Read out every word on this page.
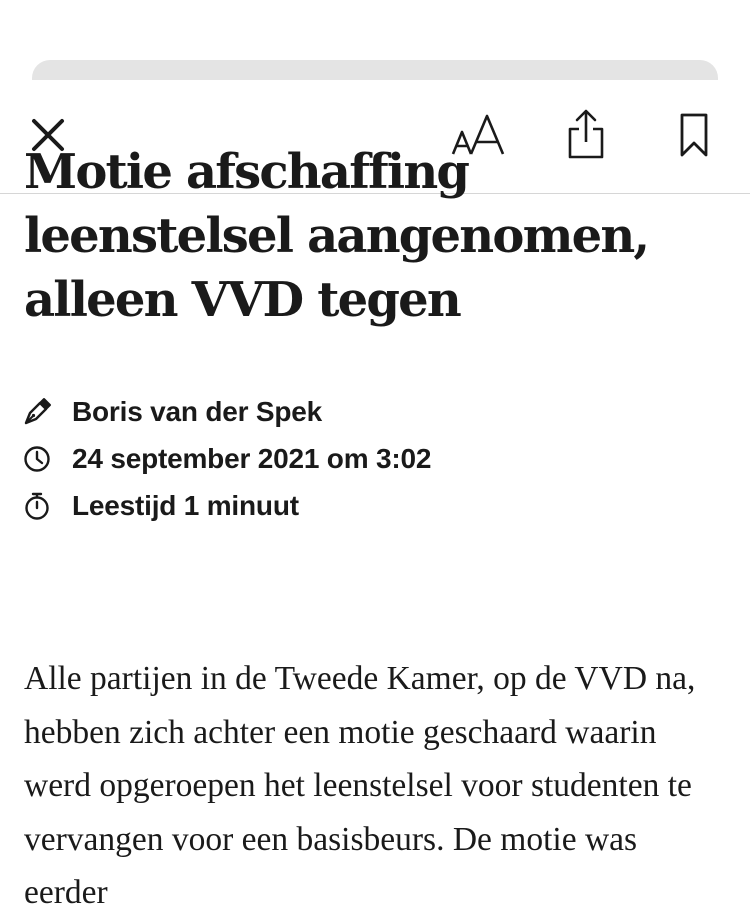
Motie afschaffing leenstelsel aangenomen, alleen VVD tegen
Boris van der Spek
24 september 2021 om 3:02
Leestijd 1 minuut

Alle partijen in de Tweede Kamer, op de VVD na, hebben zich achter een motie geschaard waarin werd opgeroepen het leenstelsel voor studenten te vervangen voor een basisbeurs. De motie was eerder
